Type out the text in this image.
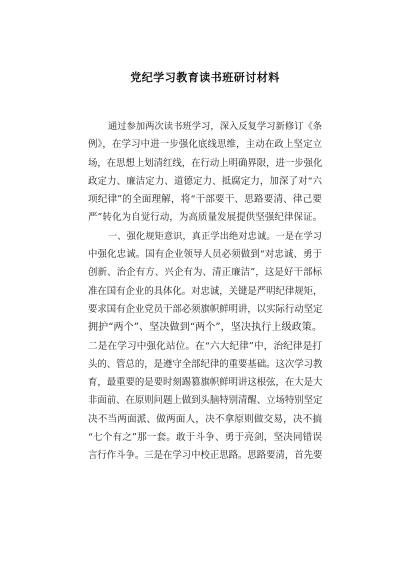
党纪学习教育读书班研讨材料
通过参加两次读书班学习，深入反复学习新修订《条
例》，在学习中进一步强化底线思维，主动在政上坚定立
场，在思想上划清红线，在行动上明确界限，进一步强化
政定力、廉洁定力、道德定力、抵腐定力，加深了对“六
项纪律”的全面理解，将“干部要干、思路要清、律己要
严”转化为自觉行动，为高质量发展提供坚强纪律保证。
一、强化规矩意识，真正学出绝对忠诚。一是在学习
中强化忠诚。国有企业领导人员必须做到“对忠诚、勇于
创新、治企有方、兴企有为、清正廉洁”，这是好干部标
准在国有企业的具体化。对忠诚，关键是严明纪律规矩，
要求国有企业党员干部必须旗帜鲜明讲，以实际行动坚定
拥护“两个”、坚决做到“两个”，坚决执行上级政策。
二是在学习中强化站位。在“六大纪律”中，治纪律是打
头的、管总的，是遵守全部纪律的重要基础。这次学习教
育，最重要的是要时刻踢篡旗帜鲜明讲这根弦，在大是大
非面前、在原则问题上做到头脑特别清醒、立场特别坚定
决不当两面派、做两面人，决不拿原则做交易，决不搞
“七个有之”那一套。敢于斗争、勇于亮剑，坚决同错误
言行作斗争。三是在学习中校正思路。思路要清，首先要
